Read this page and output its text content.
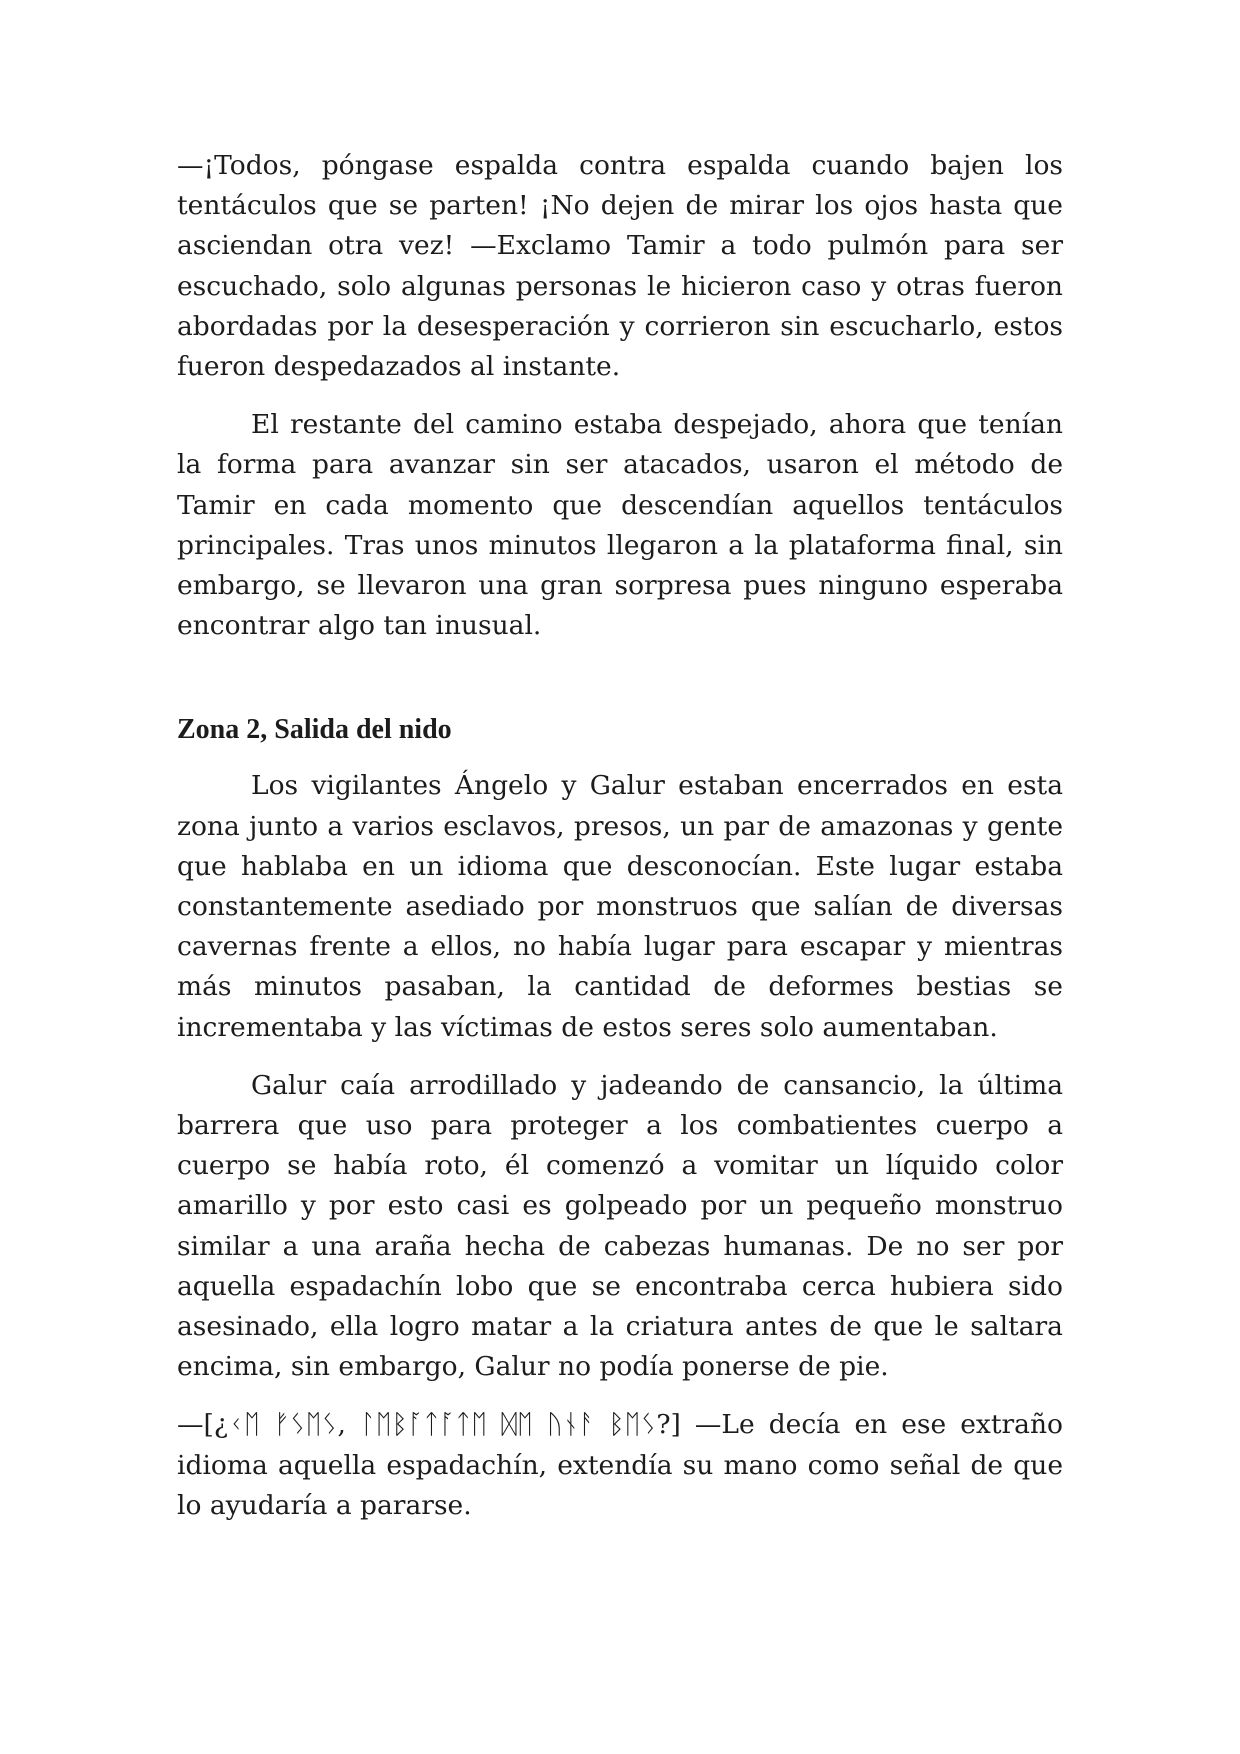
—¡Todos, póngase espalda contra espalda cuando bajen los tentáculos que se parten! ¡No dejen de mirar los ojos hasta que asciendan otra vez! —Exclamo Tamir a todo pulmón para ser escuchado, solo algunas personas le hicieron caso y otras fueron abordadas por la desesperación y corrieron sin escucharlo, estos fueron despedazados al instante.

El restante del camino estaba despejado, ahora que tenían la forma para avanzar sin ser atacados, usaron el método de Tamir en cada momento que descendían aquellos tentáculos principales. Tras unos minutos llegaron a la plataforma final, sin embargo, se llevaron una gran sorpresa pues ninguno esperaba encontrar algo tan inusual.

Zona 2, Salida del nido

Los vigilantes Ángelo y Galur estaban encerrados en esta zona junto a varios esclavos, presos, un par de amazonas y gente que hablaba en un idioma que desconocían. Este lugar estaba constantemente asediado por monstruos que salían de diversas cavernas frente a ellos, no había lugar para escapar y mientras más minutos pasaban, la cantidad de deformes bestias se incrementaba y las víctimas de estos seres solo aumentaban.

Galur caía arrodillado y jadeando de cansancio, la última barrera que uso para proteger a los combatientes cuerpo a cuerpo se había roto, él comenzó a vomitar un líquido color amarillo y por esto casi es golpeado por un pequeño monstruo similar a una araña hecha de cabezas humanas. De no ser por aquella espadachín lobo que se encontraba cerca hubiera sido asesinado, ella logro matar a la criatura antes de que le saltara encima, sin embargo, Galur no podía ponerse de pie.

—[¿ᚲᛖ ᚠᛊᛖᛊ, ᛚᛖᛒᚪᛏᚪᛏᛖ ᛞᛖ ᚢᚾᚨ ᛒᛖᛊ?] —Le decía en ese extraño idioma aquella espadachín, extendía su mano como señal de que lo ayudaría a pararse.
